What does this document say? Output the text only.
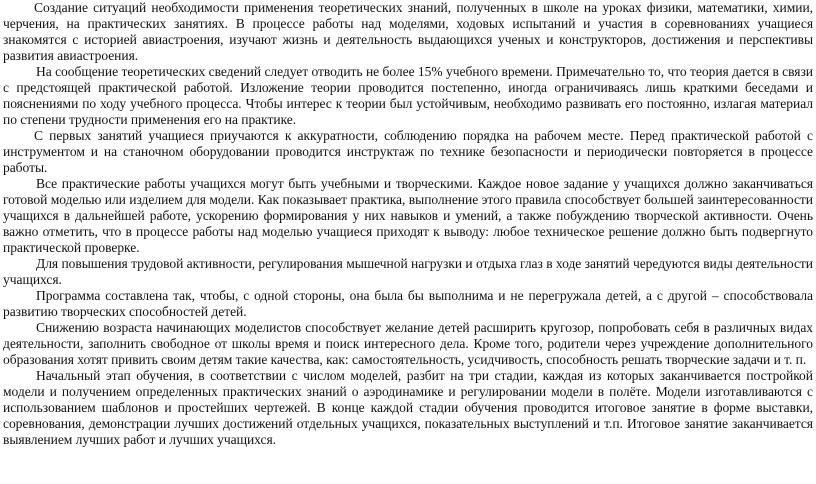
Создание ситуаций необходимости применения теоретических знаний, полученных в школе на уроках физики, математики, химии, черчения, на практических занятиях. В процессе работы над моделями, ходовых испытаний и участия в соревнованиях учащиеся знакомятся с историей авиастроения, изучают жизнь и деятельность выдающихся ученых и конструкторов, достижения и перспективы развития авиастроения.

На сообщение теоретических сведений следует отводить не более 15% учебного времени. Примечательно то, что теория дается в связи с предстоящей практической работой. Изложение теории проводится постепенно, иногда ограничиваясь лишь краткими беседами и пояснениями по ходу учебного процесса. Чтобы интерес к теории был устойчивым, необходимо развивать его постоянно, излагая материал по степени трудности применения его на практике.

С первых занятий учащиеся приучаются к аккуратности, соблюдению порядка на рабочем месте. Перед практической работой с инструментом и на станочном оборудовании проводится инструктаж по технике безопасности и периодически повторяется в процессе работы.

Все практические работы учащихся могут быть учебными и творческими. Каждое новое задание у учащихся должно заканчиваться готовой моделью или изделием для модели. Как показывает практика, выполнение этого правила способствует большей заинтересованности учащихся в дальнейшей работе, ускорению формирования у них навыков и умений, а также побуждению творческой активности. Очень важно отметить, что в процессе работы над моделью учащиеся приходят к выводу: любое техническое решение должно быть подвергнуто практической проверке.

Для повышения трудовой активности, регулирования мышечной нагрузки и отдыха глаз в ходе занятий чередуются виды деятельности учащихся.

Программа составлена так, чтобы, с одной стороны, она была бы выполнима и не перегружала детей, а с другой – способствовала развитию творческих способностей детей.

Снижению возраста начинающих моделистов способствует желание детей расширить кругозор, попробовать себя в различных видах деятельности, заполнить свободное от школы время и поиск интересного дела. Кроме того, родители через учреждение дополнительного образования хотят привить своим детям такие качества, как: самостоятельность, усидчивость, способность решать творческие задачи и т. п.

Начальный этап обучения, в соответствии с числом моделей, разбит на три стадии, каждая из которых заканчивается постройкой модели и получением определенных практических знаний о аэродинамике и регулировании модели в полёте. Модели изготавливаются с использованием шаблонов и простейших чертежей. В конце каждой стадии обучения проводится итоговое занятие в форме выставки, соревнования, демонстрации лучших достижений отдельных учащихся, показательных выступлений и т.п. Итоговое занятие заканчивается выявлением лучших работ и лучших учащихся.
